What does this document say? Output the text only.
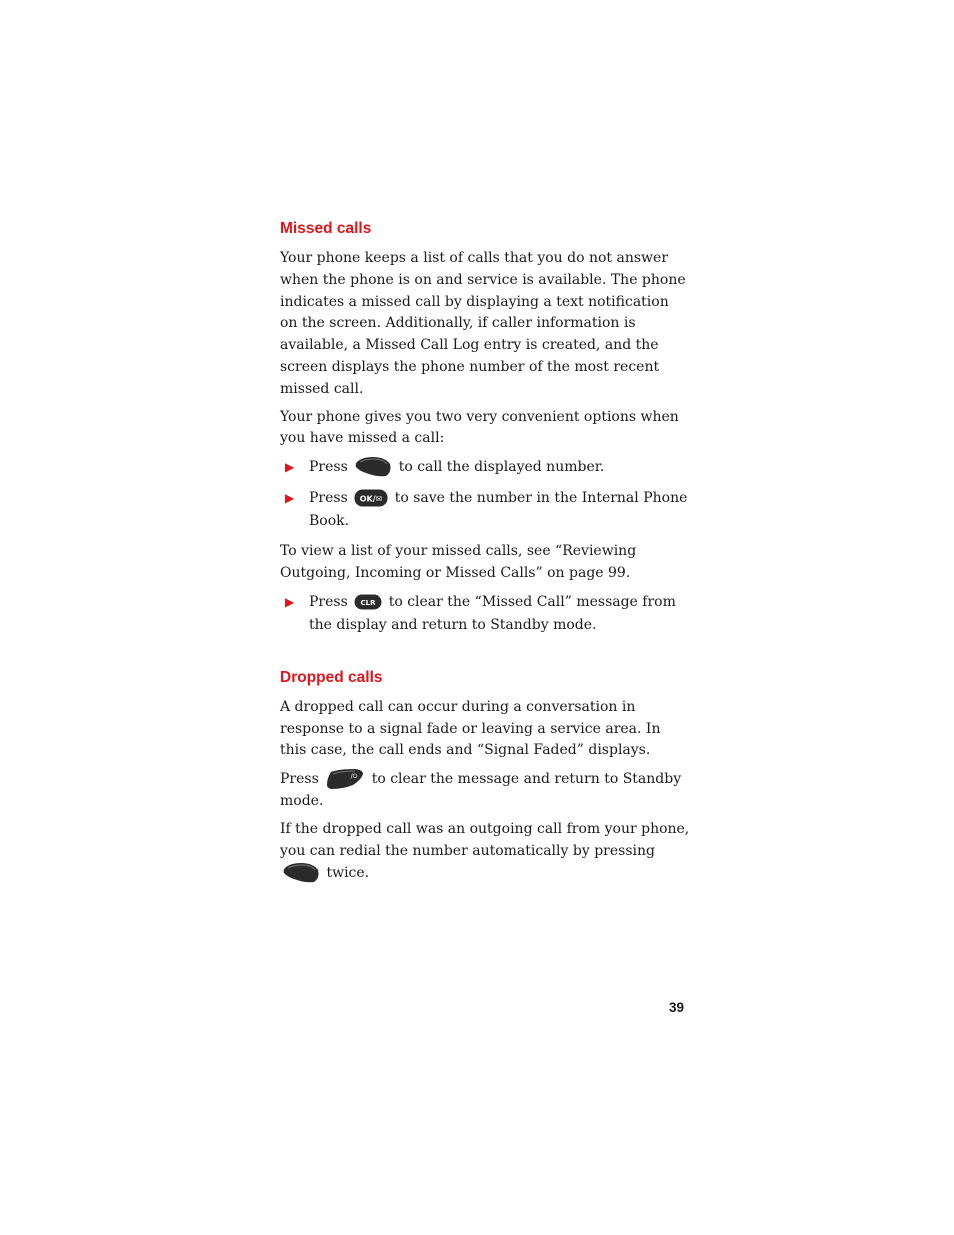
Missed calls

Your phone keeps a list of calls that you do not answer when the phone is on and service is available. The phone indicates a missed call by displaying a text notification on the screen. Additionally, if caller information is available, a Missed Call Log entry is created, and the screen displays the phone number of the most recent missed call.

Your phone gives you two very convenient options when you have missed a call:

▶ Press	to call the displayed number.
▶ Press OK/✉ to save the number in the Internal Phone Book.

To view a list of your missed calls, see “Reviewing Outgoing, Incoming or Missed Calls” on page 99.

▶ Press CLR to clear the “Missed Call” message from the display and return to Standby mode.
Dropped calls

A dropped call can occur during a conversation in response to a signal fade or leaving a service area. In this case, the call ends and “Signal Faded” displays.

Press	/⏻ to clear the message and return to Standby mode.

If the dropped call was an outgoing call from your phone, you can redial the number automatically by pressing
twice.

39
